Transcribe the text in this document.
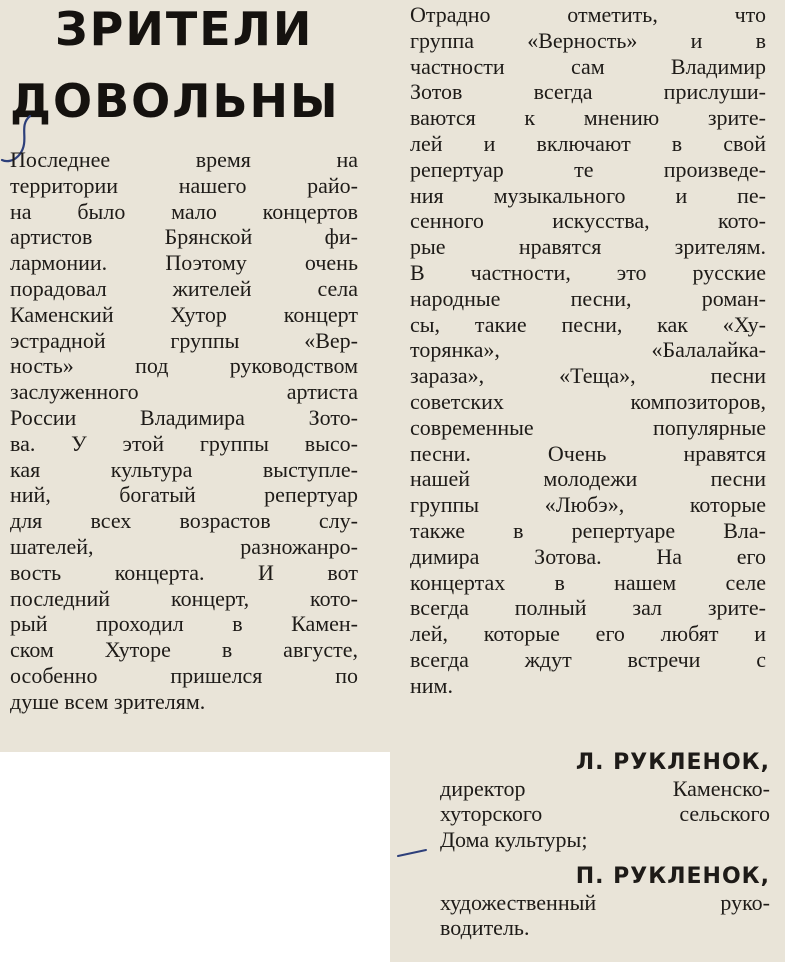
ЗРИТЕЛИ
ДОВОЛЬНЫ
Последнее время на
территории нашего райо-
на было мало концертов
артистов Брянской фи-
лармонии. Поэтому очень
порадовал жителей села
Каменский Хутор концерт
эстрадной группы «Вер-
ность» под руководством
заслуженного артиста
России Владимира Зото-
ва. У этой группы высо-
кая культура выступле-
ний, богатый репертуар
для всех возрастов слу-
шателей, разножанро-
вость концерта. И вот
последний концерт, кото-
рый проходил в Камен-
ском Хуторе в августе,
особенно пришелся по
душе всем зрителям.
Отрадно отметить, что
группа «Верность» и в
частности сам Владимир
Зотов всегда прислуши-
ваются к мнению зрите-
лей и включают в свой
репертуар те произведе-
ния музыкального и пе-
сенного искусства, кото-
рые нравятся зрителям.
В частности, это русские
народные песни, роман-
сы, такие песни, как «Ху-
торянка», «Балалайка-
зараза», «Теща», песни
советских композиторов,
современные популярные
песни. Очень нравятся
нашей молодежи песни
группы «Любэ», которые
также в репертуаре Вла-
димира Зотова. На его
концертах в нашем селе
всегда полный зал зрите-
лей, которые его любят и
всегда ждут встречи с
ним.
Л. РУКЛЕНОК,
директор Каменско-
хуторского сельского
Дома культуры;
П. РУКЛЕНОК,
художественный руко-
водитель.
